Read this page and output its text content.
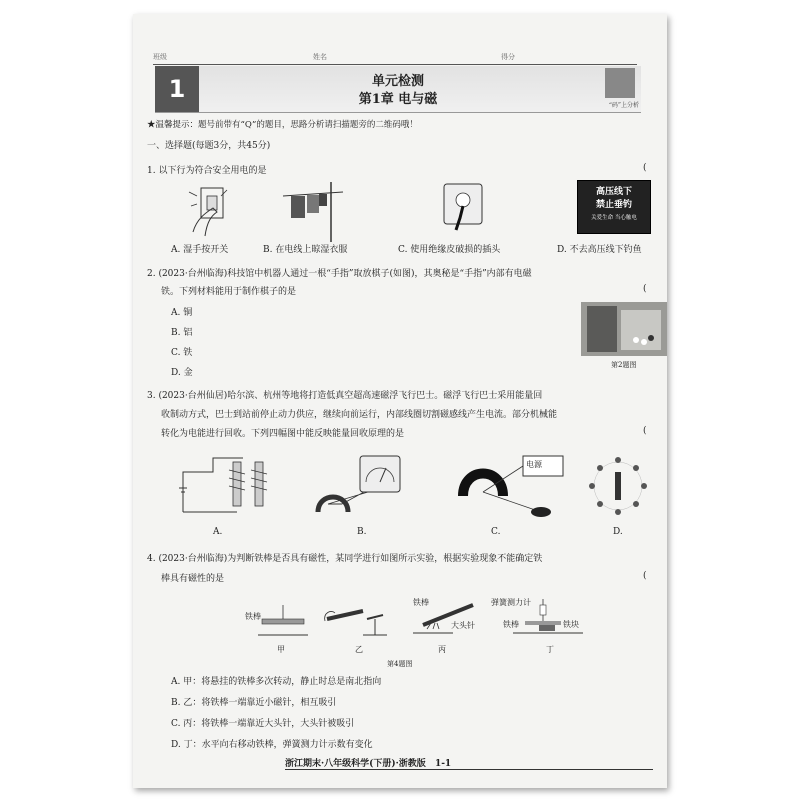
班级	姓名	得分
1	单元检测
第1章 电与磁	“码”上分析
★温馨提示：题号前带有“Q”的题目，思路分析请扫描题旁的二维码哦！
一、选择题(每题3分，共45分)
1. 以下行为符合安全用电的是	(
高压线下
禁止垂钓
关爱生命 当心触电
A. 湿手按开关	B. 在电线上晾湿衣服	C. 使用绝缘皮破损的插头	D. 不去高压线下钓鱼
2. (2023·台州临海)科技馆中机器人通过一根“手指”取放棋子(如图)，其奥秘是“手指”内部有电磁
铁。下列材料能用于制作棋子的是	(
A. 铜
B. 铝
C. 铁
D. 金
第2题图
3. (2023·台州仙居)哈尔滨、杭州等地将打造低真空超高速磁浮飞行巴士。磁浮飞行巴士采用能量回
收制动方式，巴士到站前停止动力供应，继续向前运行，内部线圈切割磁感线产生电流。部分机械能
转化为电能进行回收。下列四幅图中能反映能量回收原理的是	(
电源
A.	B.	C.	D.
4. (2023·台州临海)为判断铁棒是否具有磁性，某同学进行如图所示实验，根据实验现象不能确定铁
棒具有磁性的是	(
铁棒
铁棒
大头针
弹簧测力计
铁棒	铁块
甲	乙	丙	丁
第4题图
A. 甲：将悬挂的铁棒多次转动，静止时总是南北指向
B. 乙：将铁棒一端靠近小磁针，相互吸引
C. 丙：将铁棒一端靠近大头针，大头针被吸引
D. 丁：水平向右移动铁棒，弹簧测力计示数有变化
浙江期末·八年级科学(下册)·浙教版 1-1
